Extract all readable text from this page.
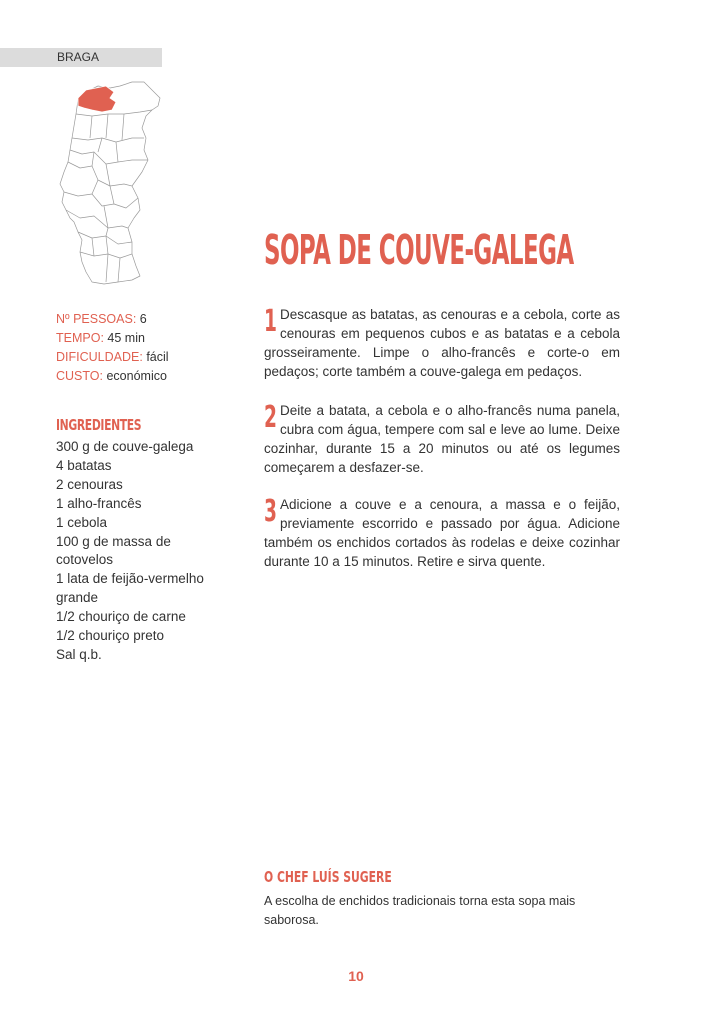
BRAGA
Nº PESSOAS: 6
TEMPO: 45 min
DIFICULDADE: fácil
CUSTO: económico
INGREDIENTES
300 g de couve-galega
4 batatas
2 cenouras
1 alho-francês
1 cebola
100 g de massa de cotovelos
1 lata de feijão-vermelho grande
1/2 chouriço de carne
1/2 chouriço preto
Sal q.b.
SOPA DE COUVE-GALEGA
1 Descasque as batatas, as cenouras e a cebola, corte as cenouras em pequenos cubos e as batatas e a cebola grosseiramente. Limpe o alho-francês e corte-o em pedaços; corte também a couve-galega em pedaços.
2 Deite a batata, a cebola e o alho-francês numa panela, cubra com água, tempere com sal e leve ao lume. Deixe cozinhar, durante 15 a 20 minutos ou até os legumes começarem a desfazer-se.
3 Adicione a couve e a cenoura, a massa e o feijão, previamente escorrido e passado por água. Adicione também os enchidos cortados às rodelas e deixe cozinhar durante 10 a 15 minutos. Retire e sirva quente.
O CHEF LUÍS SUGERE
A escolha de enchidos tradicionais torna esta sopa mais saborosa.
10
